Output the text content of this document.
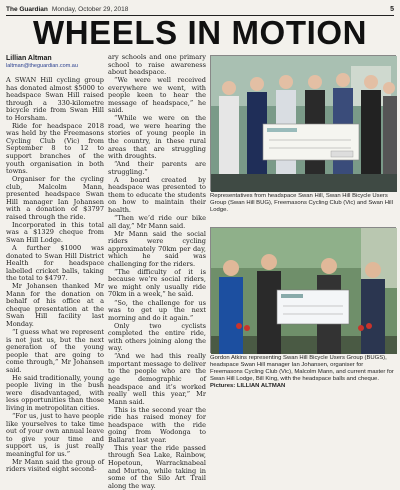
The Guardian Monday, October 29, 2018	5
WHEELS IN MOTION
Lillian Altman
laltman@theguardian.com.au

A SWAN Hill cycling group has donated almost $5000 to headspace Swan Hill raised through a 330-kilometre bicycle ride from Swan Hill to Horsham.

Ride for headspace 2018 was held by the Freemasons Cycling Club (Vic) from September 8 to 12 to support branches of the youth organisation in both towns.

Organiser for the cycling club, Malcolm Mann, presented headspace Swan Hill manager Ian Johansen with a donation of $3797 raised through the ride.

Incorporated in this total was a $1329 cheque from Swan Hill Lodge.

A further $1000 was donated to Swan Hill District Health for headspace labelled cricket balls, taking the total to $4797.

Mr Johansen thanked Mr Mann for the donation on behalf of his office at a cheque presentation at the Swan Hill facility last Monday.

“I guess what we represent is not just us, but the next generation of the young people that are going to come through,” Mr Johansen said.

He said traditionally, young people living in the bush were disadvantaged, with less opportunities than those living in metropolitan cities.

“For us, just to have people like yourselves to take time out of your own annual leave to give your time and support us, is just really meaningful for us.”

Mr Mann said the group of riders visited eight second-

ary schools and one primary school to raise awareness about headspace.

“We were well received everywhere we went, with people keen to hear the message of headspace,” he said.

“While we were on the road, we were hearing the stories of young people in the country, in these rural areas that are struggling with droughts.

“And their parents are struggling.”

A board created by headspace was presented to them to educate the students on how to maintain their health.

“Then we’d ride our bike all day,” Mr Mann said.

Mr Mann said the social riders were cycling approximately 70km per day, which he said was challenging for the riders.

“The difficulty of it is because we’re social riders, we might only usually ride 70km in a week,” he said.

“So, the challenge for us was to get up the next morning and do it again.”

Only two cyclists completed the entire ride, with others joining along the way.

“And we had this really important message to deliver to the people who are the age demographic of headspace and it’s worked really well this year,” Mr Mann said.

This is the second year the ride has raised money for headspace with the ride going from Wodonga to Ballarat last year.

This year the ride passed through Sea Lake, Rainbow, Hopetoun, Warracknabeal and Murtoa, while taking in some of the Silo Art Trail along the way.

Representatives from headspace Swan Hill, Swan Hill Bicycle Users Group (Swan Hill BUG), Freemasons Cycling Club (Vic) and Swan Hill Lodge.
Gordon Atkins representing Swan Hill Bicycle Users Group (BUGS), headspace Swan Hill manager Ian Johansen, organiser for Freemasons Cycling Club (Vic), Malcolm Mann, and current master for Swan Hill Lodge, Bill King, with the headspace balls and cheque. Pictures: LILLIAN ALTMAN
